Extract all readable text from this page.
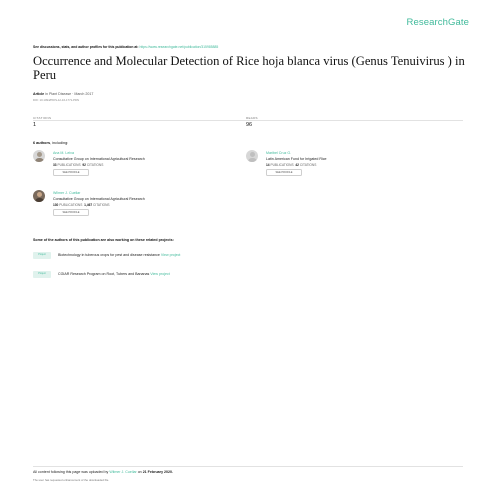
ResearchGate
See discussions, stats, and author profiles for this publication at: https://www.researchgate.net/publication/315985885
Occurrence and Molecular Detection of Rice hoja blanca virus (Genus Tenuivirus ) in Peru
Article in Plant Disease · March 2017
DOI: 10.1094/PDIS-12-16-1771-PDN
CITATIONS	READS
1	96
6 authors, including:
Ana M. Leiva
Consultative Group on International Agricultural Research
33 PUBLICATIONS 92 CITATIONS
SEE PROFILE
Maribel Cruz G.
Latin American Fund for Irrigated Rice
14 PUBLICATIONS 42 CITATIONS
SEE PROFILE
Wilmer J. Cuellar
Consultative Group on International Agricultural Research
130 PUBLICATIONS 1,467 CITATIONS
SEE PROFILE
Some of the authors of this publication are also working on these related projects:
Project	Biotechnology in tuberous crops for pest and disease resistance View project
Project	CGIAR Research Program on Root, Tubers and Bananas View project
All content following this page was uploaded by Wilmer J. Cuellar on 21 February 2020.
The user has requested enhancement of the downloaded file.
